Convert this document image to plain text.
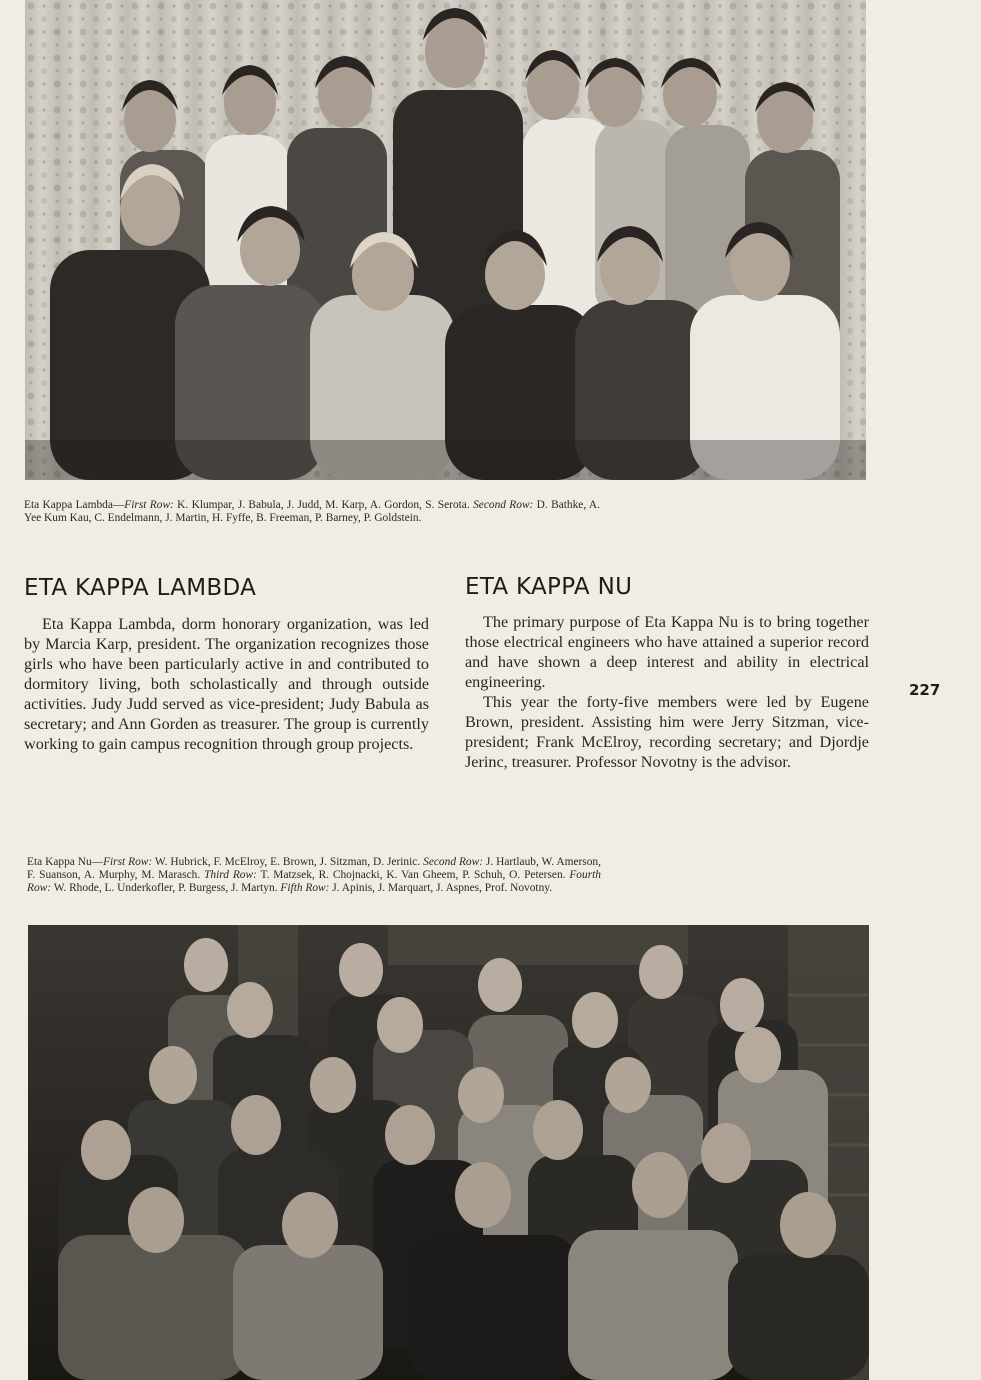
Eta Kappa Lambda—First Row: K. Klumpar, J. Babula, J. Judd, M. Karp, A. Gordon, S. Serota. Second Row: D. Bathke, A. Yee Kum Kau, C. Endelmann, J. Martin, H. Fyffe, B. Freeman, P. Barney, P. Goldstein.
ETA KAPPA LAMBDA

Eta Kappa Lambda, dorm honorary organization, was led by Marcia Karp, president. The organization recognizes those girls who have been particularly active in and contributed to dormitory living, both scholastically and through outside activities. Judy Judd served as vice-president; Judy Babula as secretary; and Ann Gorden as treasurer. The group is currently working to gain campus recognition through group projects.

ETA KAPPA NU

The primary purpose of Eta Kappa Nu is to bring together those electrical engineers who have attained a superior record and have shown a deep interest and ability in electrical engineering.

This year the forty-five members were led by Eugene Brown, president. Assisting him were Jerry Sitzman, vice-president; Frank McElroy, recording secretary; and Djordje Jerinc, treasurer. Professor Novotny is the advisor.

227
Eta Kappa Nu—First Row: W. Hubrick, F. McElroy, E. Brown, J. Sitzman, D. Jerinic. Second Row: J. Hartlaub, W. Amerson, F. Suanson, A. Murphy, M. Marasch. Third Row: T. Matzsek, R. Chojnacki, K. Van Gheem, P. Schuh, O. Petersen. Fourth Row: W. Rhode, L. Underkofler, P. Burgess, J. Martyn. Fifth Row: J. Apinis, J. Marquart, J. Aspnes, Prof. Novotny.
